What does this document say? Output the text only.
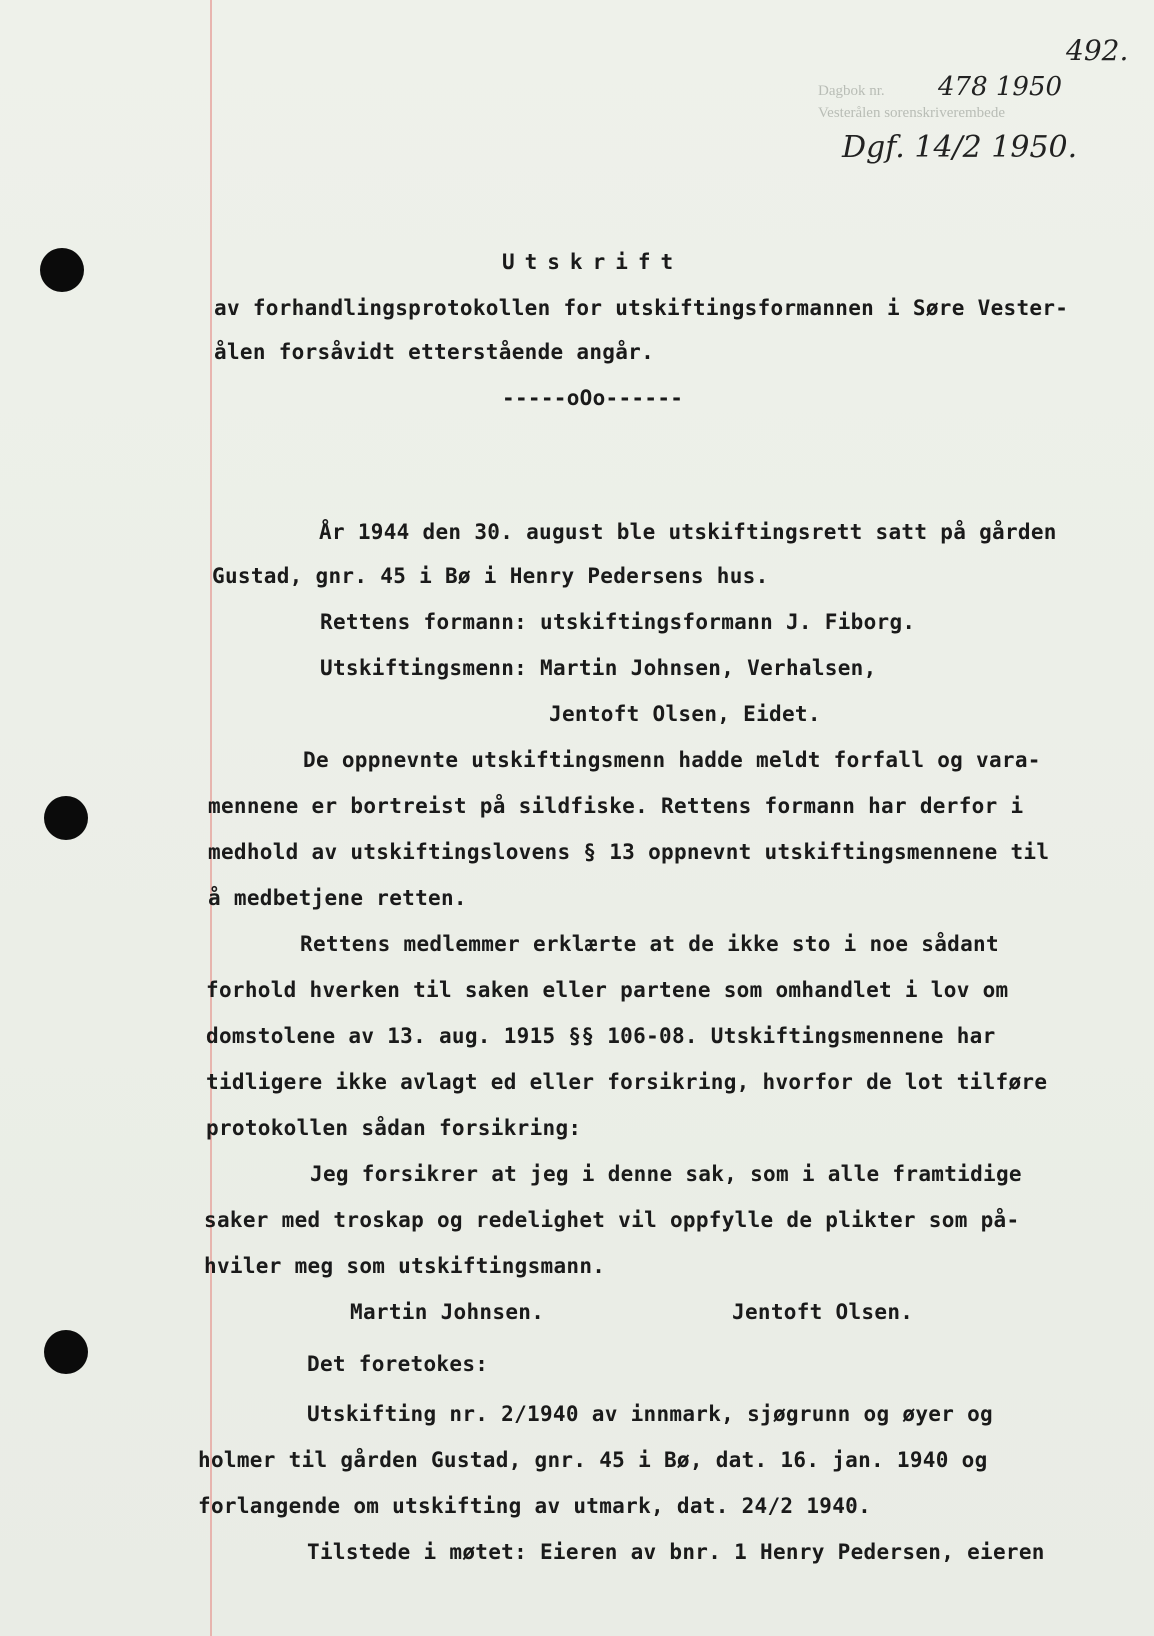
492.
Dagbok nr.
Vesterålen sorenskriverembede
478 1950
Dgf. 14/2 1950.
Utskrift
av forhandlingsprotokollen for utskiftingsformannen i Søre Vester-
ålen forsåvidt etterstående angår.
-----oOo------
År 1944 den 30. august ble utskiftingsrett satt på gården
Gustad, gnr. 45 i Bø i Henry Pedersens hus.
Rettens formann: utskiftingsformann J. Fiborg.
Utskiftingsmenn: Martin Johnsen, Verhalsen,
Jentoft Olsen, Eidet.
De oppnevnte utskiftingsmenn hadde meldt forfall og vara-
mennene er bortreist på sildfiske. Rettens formann har derfor i
medhold av utskiftingslovens § 13 oppnevnt utskiftingsmennene til
å medbetjene retten.
Rettens medlemmer erklærte at de ikke sto i noe sådant
forhold hverken til saken eller partene som omhandlet i lov om
domstolene av 13. aug. 1915 §§ 106-08. Utskiftingsmennene har
tidligere ikke avlagt ed eller forsikring, hvorfor de lot tilføre
protokollen sådan forsikring:
Jeg forsikrer at jeg i denne sak, som i alle framtidige
saker med troskap og redelighet vil oppfylle de plikter som på-
hviler meg som utskiftingsmann.
Martin Johnsen.	Jentoft Olsen.
Det foretokes:
Utskifting nr. 2/1940 av innmark, sjøgrunn og øyer og
holmer til gården Gustad, gnr. 45 i Bø, dat. 16. jan. 1940 og
forlangende om utskifting av utmark, dat. 24/2 1940.
Tilstede i møtet: Eieren av bnr. 1 Henry Pedersen, eieren
